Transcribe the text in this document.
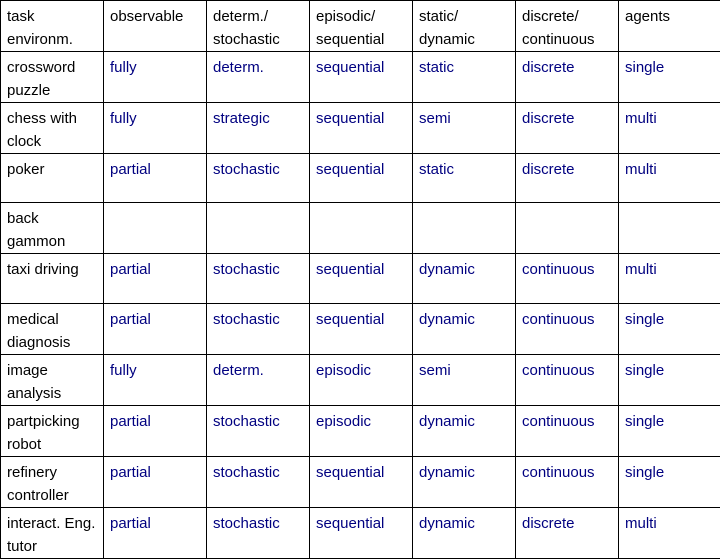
task environm.	observable	determ./ stochastic	episodic/ sequential	static/ dynamic	discrete/ continuous	agents
crossword puzzle	fully	determ.	sequential	static	discrete	single
chess with clock	fully	strategic	sequential	semi	discrete	multi
poker	partial	stochastic	sequential	static	discrete	multi
back gammon						
taxi driving	partial	stochastic	sequential	dynamic	continuous	multi
medical diagnosis	partial	stochastic	sequential	dynamic	continuous	single
image analysis	fully	determ.	episodic	semi	continuous	single
partpicking robot	partial	stochastic	episodic	dynamic	continuous	single
refinery controller	partial	stochastic	sequential	dynamic	continuous	single
interact. Eng. tutor	partial	stochastic	sequential	dynamic	discrete	multi
